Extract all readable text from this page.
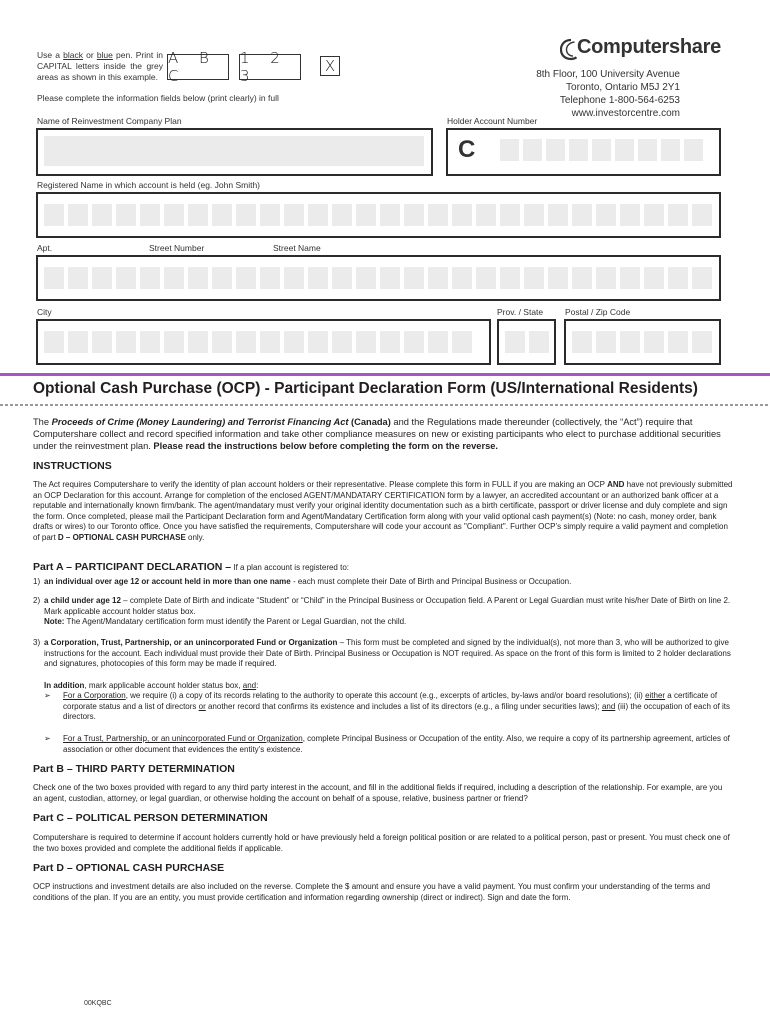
Use a black or blue pen. Print in CAPITAL letters inside the grey areas as shown in this example.
A B C
1 2 3
X
Please complete the information fields below (print clearly) in full
Computershare
8th Floor, 100 University Avenue
Toronto, Ontario M5J 2Y1
Telephone 1-800-564-6253
www.investorcentre.com
Name of Reinvestment Company Plan	Holder Account Number
C
Registered Name in which account is held (eg. John Smith)
Apt.	Street Number	Street Name
City	Prov. / State	Postal / Zip Code
Optional Cash Purchase (OCP) - Participant Declaration Form (US/International Residents)
The Proceeds of Crime (Money Laundering) and Terrorist Financing Act (Canada) and the Regulations made thereunder (collectively, the “Act”) require that Computershare collect and record specified information and take other compliance measures on new or existing participants who elect to purchase additional securities under the reinvestment plan. Please read the instructions below before completing the form on the reverse.
INSTRUCTIONS
The Act requires Computershare to verify the identity of plan account holders or their representative. Please complete this form in FULL if you are making an OCP AND have not previously submitted an OCP Declaration for this account. Arrange for completion of the enclosed AGENT/MANDATARY CERTIFICATION form by a lawyer, an accredited accountant or an authorized bank officer at a reputable and internationally known firm/bank. The agent/mandatary must verify your original identity documentation such as a birth certificate, passport or driver license and duly complete and sign the form. Once completed, please mail the Participant Declaration form and Agent/Mandatary Certification form along with your valid optional cash payment(s) (Note: no cash, money order, bank drafts or wires) to our Toronto office. Once you have satisfied the requirements, Computershare will code your account as "Compliant". Further OCP’s simply require a valid payment and completion of part D – OPTIONAL CASH PURCHASE only.
Part A – PARTICIPANT DECLARATION – If a plan account is registered to:
1) an individual over age 12 or account held in more than one name - each must complete their Date of Birth and Principal Business or Occupation.
2) a child under age 12 – complete Date of Birth and indicate “Student” or “Child” in the Principal Business or Occupation field. A Parent or Legal Guardian must write his/her Date of Birth on line 2. Mark applicable account holder status box.
Note: The Agent/Mandatary certification form must identify the Parent or Legal Guardian, not the child.
3) a Corporation, Trust, Partnership, or an unincorporated Fund or Organization – This form must be completed and signed by the individual(s), not more than 3, who will be authorized to give instructions for the account. Each individual must provide their Date of Birth. Principal Business or Occupation is NOT required. As space on the front of this form is limited to 2 holder declarations and signatures, photocopies of this form may be made if required.
In addition, mark applicable account holder status box, and:
➢ For a Corporation, we require (i) a copy of its records relating to the authority to operate this account (e.g., excerpts of articles, by-laws and/or board resolutions); (ii) either a certificate of corporate status and a list of directors or another record that confirms its existence and includes a list of its directors (e.g., a filing under securities laws); and (iii) the occupation of each of its directors.
➢ For a Trust, Partnership, or an unincorporated Fund or Organization, complete Principal Business or Occupation of the entity. Also, we require a copy of its partnership agreement, articles of association or other document that evidences the entity’s existence.
Part B – THIRD PARTY DETERMINATION
Check one of the two boxes provided with regard to any third party interest in the account, and fill in the additional fields if required, including a description of the relationship. For example, are you an agent, custodian, attorney, or legal guardian, or otherwise holding the account on behalf of a spouse, relative, business partner or friend?
Part C – POLITICAL PERSON DETERMINATION
Computershare is required to determine if account holders currently hold or have previously held a foreign political position or are related to a political person, past or present. You must check one of the two boxes provided and complete the additional fields if applicable.
Part D – OPTIONAL CASH PURCHASE
OCP instructions and investment details are also included on the reverse. Complete the $ amount and ensure you have a valid payment. You must confirm your understanding of the terms and conditions of the plan. If you are an entity, you must provide certification and information regarding ownership (direct or indirect). Sign and date the form.
00KQBC
